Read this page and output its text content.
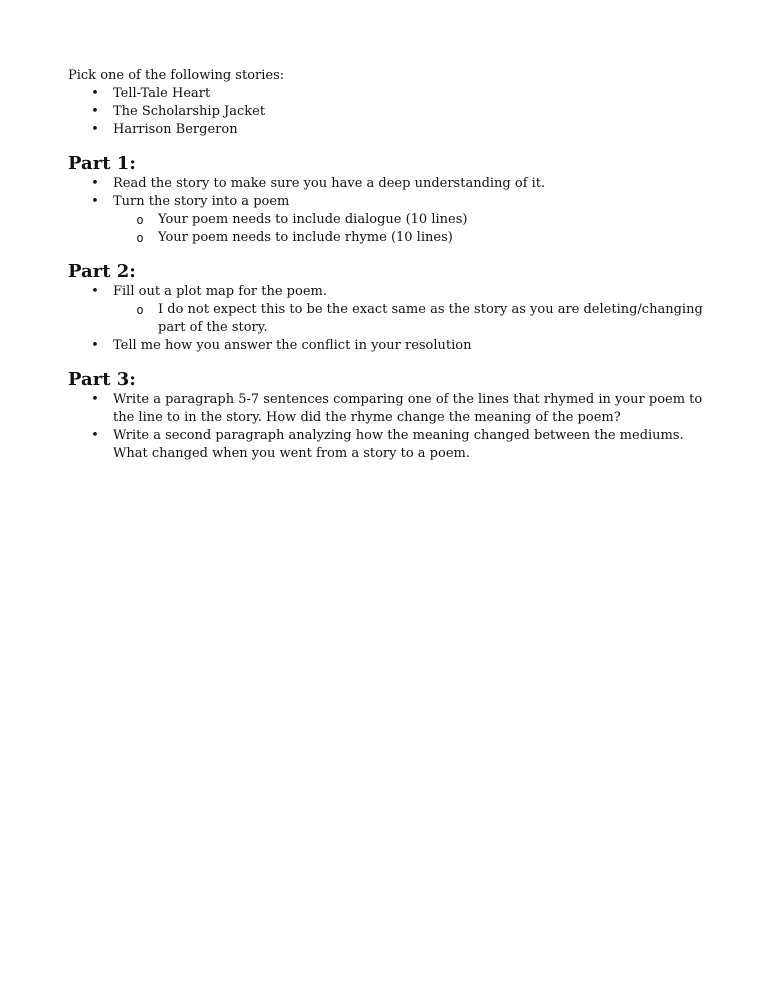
Pick one of the following stories:

• Tell-Tale Heart
• The Scholarship Jacket
• Harrison Bergeron
Part 1:
• Read the story to make sure you have a deep understanding of it.
• Turn the story into a poem
o Your poem needs to include dialogue (10 lines)
o Your poem needs to include rhyme (10 lines)
Part 2:
• Fill out a plot map for the poem.
o I do not expect this to be the exact same as the story as you are deleting/changing part of the story.
• Tell me how you answer the conflict in your resolution
Part 3:
• Write a paragraph 5-7 sentences comparing one of the lines that rhymed in your poem to the line to in the story. How did the rhyme change the meaning of the poem?
• Write a second paragraph analyzing how the meaning changed between the mediums. What changed when you went from a story to a poem.
